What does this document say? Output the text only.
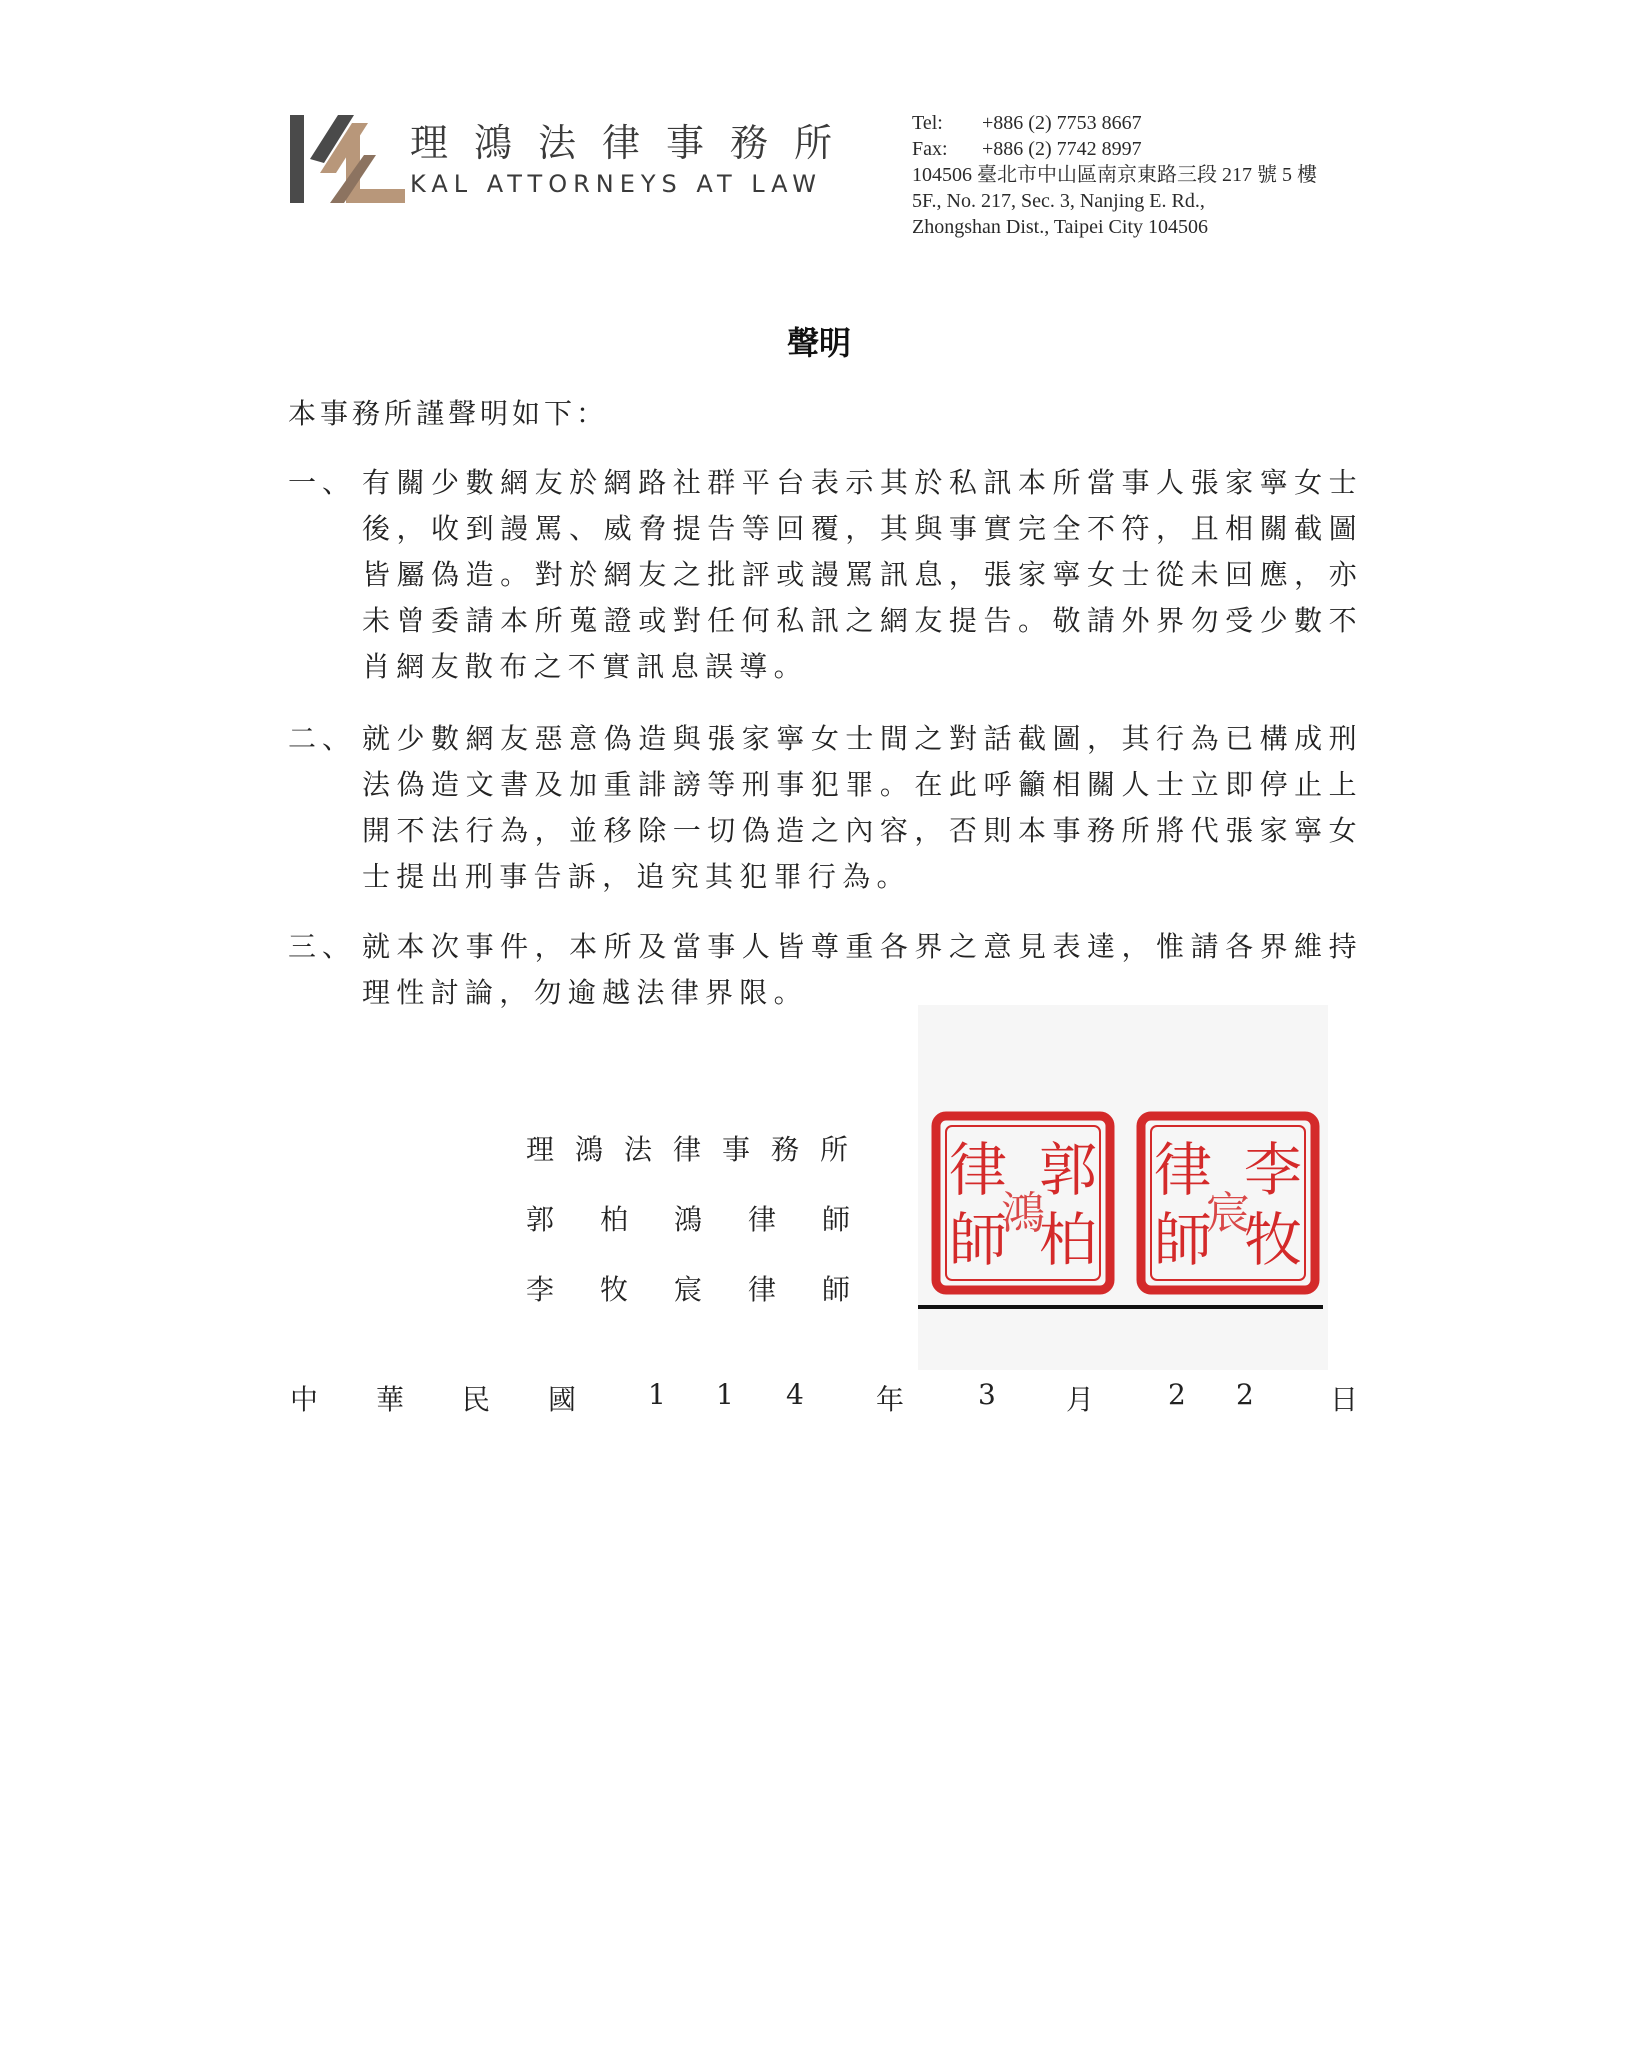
理鴻法律事務所
KAL ATTORNEYS AT LAW
Tel: +886 (2) 7753 8667
Fax: +886 (2) 7742 8997
104506 臺北市中山區南京東路三段 217 號 5 樓
5F., No. 217, Sec. 3, Nanjing E. Rd.,
Zhongshan Dist., Taipei City 104506
聲明
本事務所謹聲明如下：
一、 有關少數網友於網路社群平台表示其於私訊本所當事人張家寧女士後，收到謾罵、威脅提告等回覆，其與事實完全不符，且相關截圖皆屬偽造。對於網友之批評或謾罵訊息，張家寧女士從未回應，亦未曾委請本所蒐證或對任何私訊之網友提告。敬請外界勿受少數不肖網友散布之不實訊息誤導。
二、 就少數網友惡意偽造與張家寧女士間之對話截圖，其行為已構成刑法偽造文書及加重誹謗等刑事犯罪。在此呼籲相關人士立即停止上開不法行為，並移除一切偽造之內容，否則本事務所將代張家寧女士提出刑事告訴，追究其犯罪行為。
三、 就本次事件，本所及當事人皆尊重各界之意見表達，惟請各界維持理性討論，勿逾越法律界限。
理鴻法律事務所
郭柏鴻律師
李牧宸律師
郭
柏
律
師
鴻
李
牧
律
師
宸
中 華 民 國	1 1 4	年	3	月	2 2	日
